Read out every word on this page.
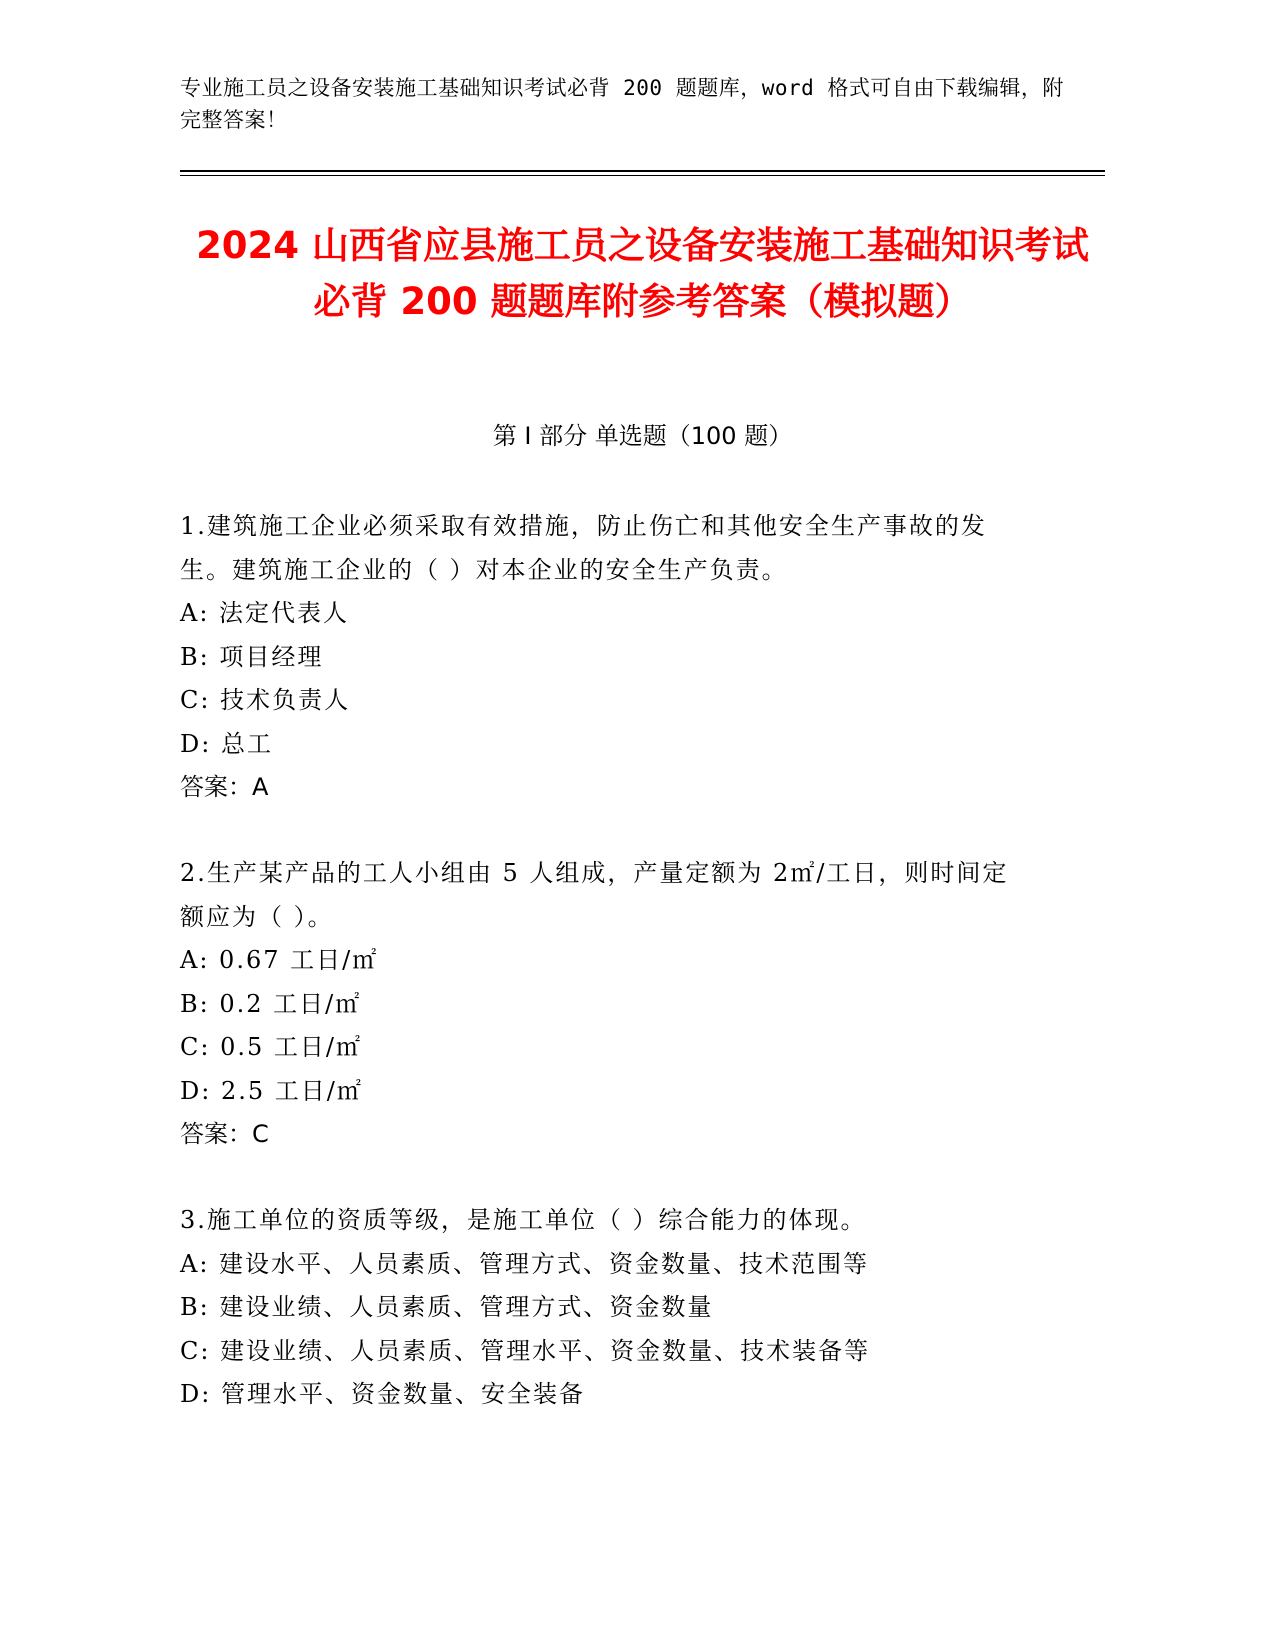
专业施工员之设备安装施工基础知识考试必背 200 题题库，word 格式可自由下载编辑，附完整答案！
2024 山西省应县施工员之设备安装施工基础知识考试必背 200 题题库附参考答案（模拟题）
第 I 部分 单选题（100 题）

1.建筑施工企业必须采取有效措施，防止伤亡和其他安全生产事故的发生。建筑施工企业的（ ）对本企业的安全生产负责。

A: 法定代表人

B: 项目经理

C: 技术负责人

D: 总工

答案：A

2.生产某产品的工人小组由 5 人组成，产量定额为 2㎡/工日，则时间定额应为（ ）。

A: 0.67 工日/㎡

B: 0.2 工日/㎡

C: 0.5 工日/㎡

D: 2.5 工日/㎡

答案：C

3.施工单位的资质等级，是施工单位（ ）综合能力的体现。

A: 建设水平、人员素质、管理方式、资金数量、技术范围等

B: 建设业绩、人员素质、管理方式、资金数量

C: 建设业绩、人员素质、管理水平、资金数量、技术装备等

D: 管理水平、资金数量、安全装备
